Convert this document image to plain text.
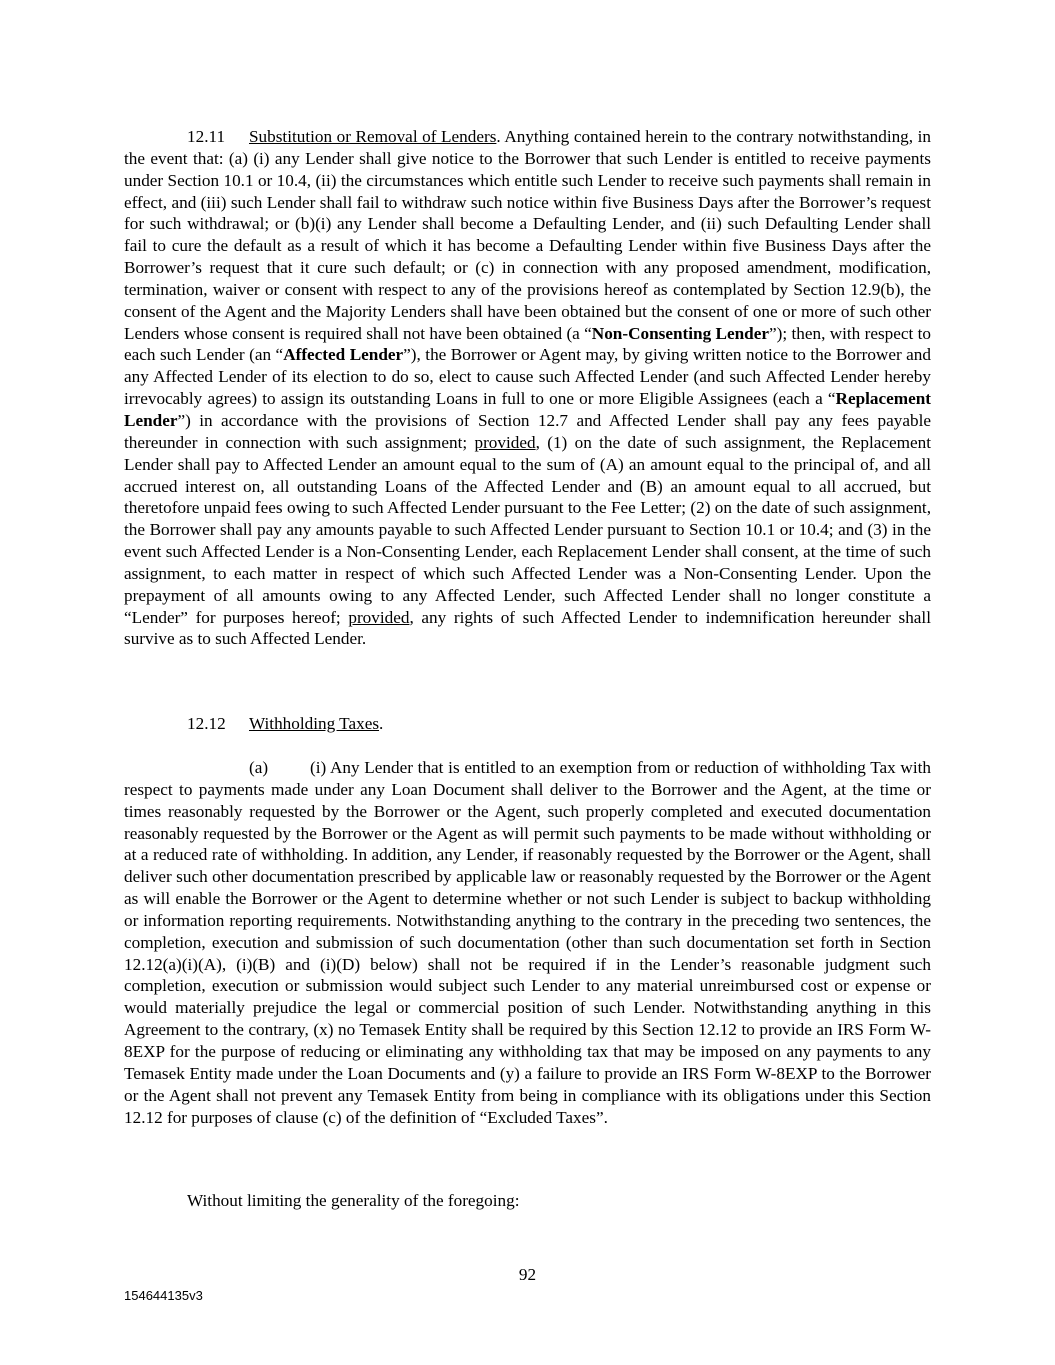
12.11 Substitution or Removal of Lenders. Anything contained herein to the contrary notwithstanding, in the event that: (a) (i) any Lender shall give notice to the Borrower that such Lender is entitled to receive payments under Section 10.1 or 10.4, (ii) the circumstances which entitle such Lender to receive such payments shall remain in effect, and (iii) such Lender shall fail to withdraw such notice within five Business Days after the Borrower’s request for such withdrawal; or (b)(i) any Lender shall become a Defaulting Lender, and (ii) such Defaulting Lender shall fail to cure the default as a result of which it has become a Defaulting Lender within five Business Days after the Borrower’s request that it cure such default; or (c) in connection with any proposed amendment, modification, termination, waiver or consent with respect to any of the provisions hereof as contemplated by Section 12.9(b), the consent of the Agent and the Majority Lenders shall have been obtained but the consent of one or more of such other Lenders whose consent is required shall not have been obtained (a “Non-Consenting Lender”); then, with respect to each such Lender (an “Affected Lender”), the Borrower or Agent may, by giving written notice to the Borrower and any Affected Lender of its election to do so, elect to cause such Affected Lender (and such Affected Lender hereby irrevocably agrees) to assign its outstanding Loans in full to one or more Eligible Assignees (each a “Replacement Lender”) in accordance with the provisions of Section 12.7 and Affected Lender shall pay any fees payable thereunder in connection with such assignment; provided, (1) on the date of such assignment, the Replacement Lender shall pay to Affected Lender an amount equal to the sum of (A) an amount equal to the principal of, and all accrued interest on, all outstanding Loans of the Affected Lender and (B) an amount equal to all accrued, but theretofore unpaid fees owing to such Affected Lender pursuant to the Fee Letter; (2) on the date of such assignment, the Borrower shall pay any amounts payable to such Affected Lender pursuant to Section 10.1 or 10.4; and (3) in the event such Affected Lender is a Non-Consenting Lender, each Replacement Lender shall consent, at the time of such assignment, to each matter in respect of which such Affected Lender was a Non-Consenting Lender. Upon the prepayment of all amounts owing to any Affected Lender, such Affected Lender shall no longer constitute a “Lender” for purposes hereof; provided, any rights of such Affected Lender to indemnification hereunder shall survive as to such Affected Lender.

12.12 Withholding Taxes.

(a) (i) Any Lender that is entitled to an exemption from or reduction of withholding Tax with respect to payments made under any Loan Document shall deliver to the Borrower and the Agent, at the time or times reasonably requested by the Borrower or the Agent, such properly completed and executed documentation reasonably requested by the Borrower or the Agent as will permit such payments to be made without withholding or at a reduced rate of withholding. In addition, any Lender, if reasonably requested by the Borrower or the Agent, shall deliver such other documentation prescribed by applicable law or reasonably requested by the Borrower or the Agent as will enable the Borrower or the Agent to determine whether or not such Lender is subject to backup withholding or information reporting requirements. Notwithstanding anything to the contrary in the preceding two sentences, the completion, execution and submission of such documentation (other than such documentation set forth in Section 12.12(a)(i)(A), (i)(B) and (i)(D) below) shall not be required if in the Lender’s reasonable judgment such completion, execution or submission would subject such Lender to any material unreimbursed cost or expense or would materially prejudice the legal or commercial position of such Lender. Notwithstanding anything in this Agreement to the contrary, (x) no Temasek Entity shall be required by this Section 12.12 to provide an IRS Form W-8EXP for the purpose of reducing or eliminating any withholding tax that may be imposed on any payments to any Temasek Entity made under the Loan Documents and (y) a failure to provide an IRS Form W-8EXP to the Borrower or the Agent shall not prevent any Temasek Entity from being in compliance with its obligations under this Section 12.12 for purposes of clause (c) of the definition of “Excluded Taxes”.

Without limiting the generality of the foregoing:

92
154644135v3
